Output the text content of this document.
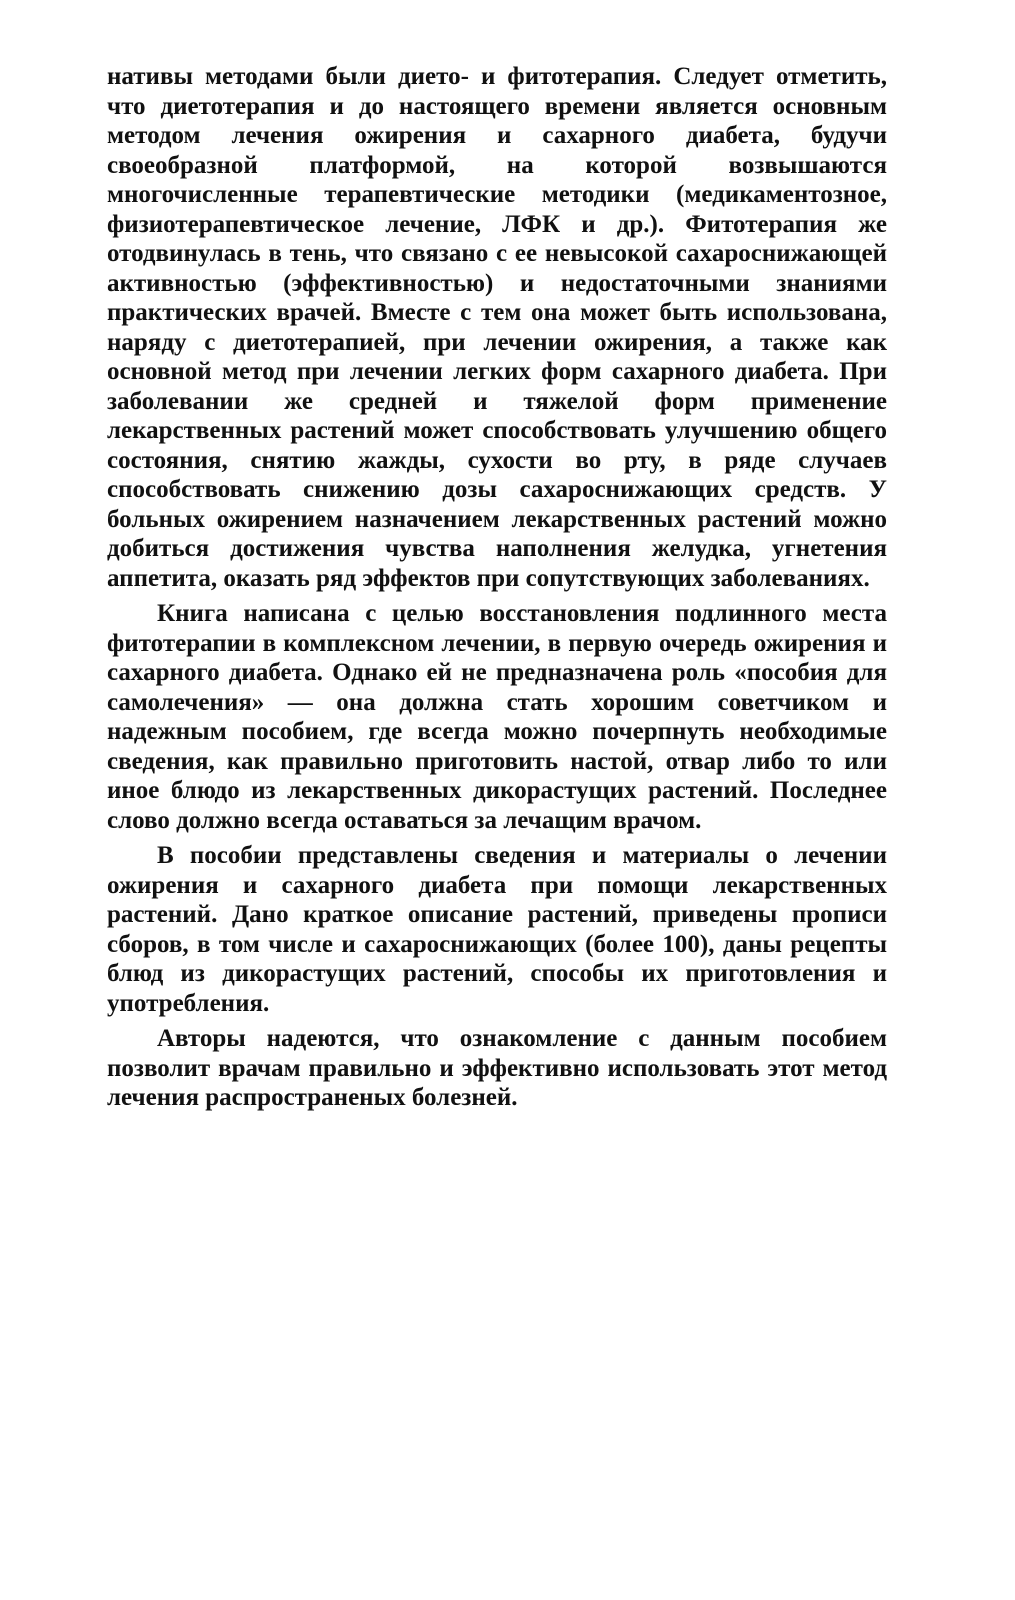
нативы методами были дието- и фитотерапия. Следует отметить, что диетотерапия и до настоящего времени является основным методом лечения ожирения и сахарного диабета, будучи своеобразной платформой, на которой возвышаются многочисленные терапевтические методики (медикаментозное, физиотерапевтическое лечение, ЛФК и др.). Фитотерапия же отодвинулась в тень, что связано с ее невысокой сахароснижающей активностью (эффективностью) и недостаточными знаниями практических врачей. Вместе с тем она может быть использована, наряду с диетотерапией, при лечении ожирения, а также как основной метод при лечении легких форм сахарного диабета. При заболевании же средней и тяжелой форм применение лекарственных растений может способствовать улучшению общего состояния, снятию жажды, сухости во рту, в ряде случаев способствовать снижению дозы сахароснижающих средств. У больных ожирением назначением лекарственных растений можно добиться достижения чувства наполнения желудка, угнетения аппетита, оказать ряд эффектов при сопутствующих заболеваниях.

Книга написана с целью восстановления подлинного места фитотерапии в комплексном лечении, в первую очередь ожирения и сахарного диабета. Однако ей не предназначена роль «пособия для самолечения» — она должна стать хорошим советчиком и надежным пособием, где всегда можно почерпнуть необходимые сведения, как правильно приготовить настой, отвар либо то или иное блюдо из лекарственных дикорастущих растений. Последнее слово должно всегда оставаться за лечащим врачом.

В пособии представлены сведения и материалы о лечении ожирения и сахарного диабета при помощи лекарственных растений. Дано краткое описание растений, приведены прописи сборов, в том числе и сахароснижающих (более 100), даны рецепты блюд из дикорастущих растений, способы их приготовления и употребления.

Авторы надеются, что ознакомление с данным пособием позволит врачам правильно и эффективно использовать этот метод лечения распространеных болезней.
